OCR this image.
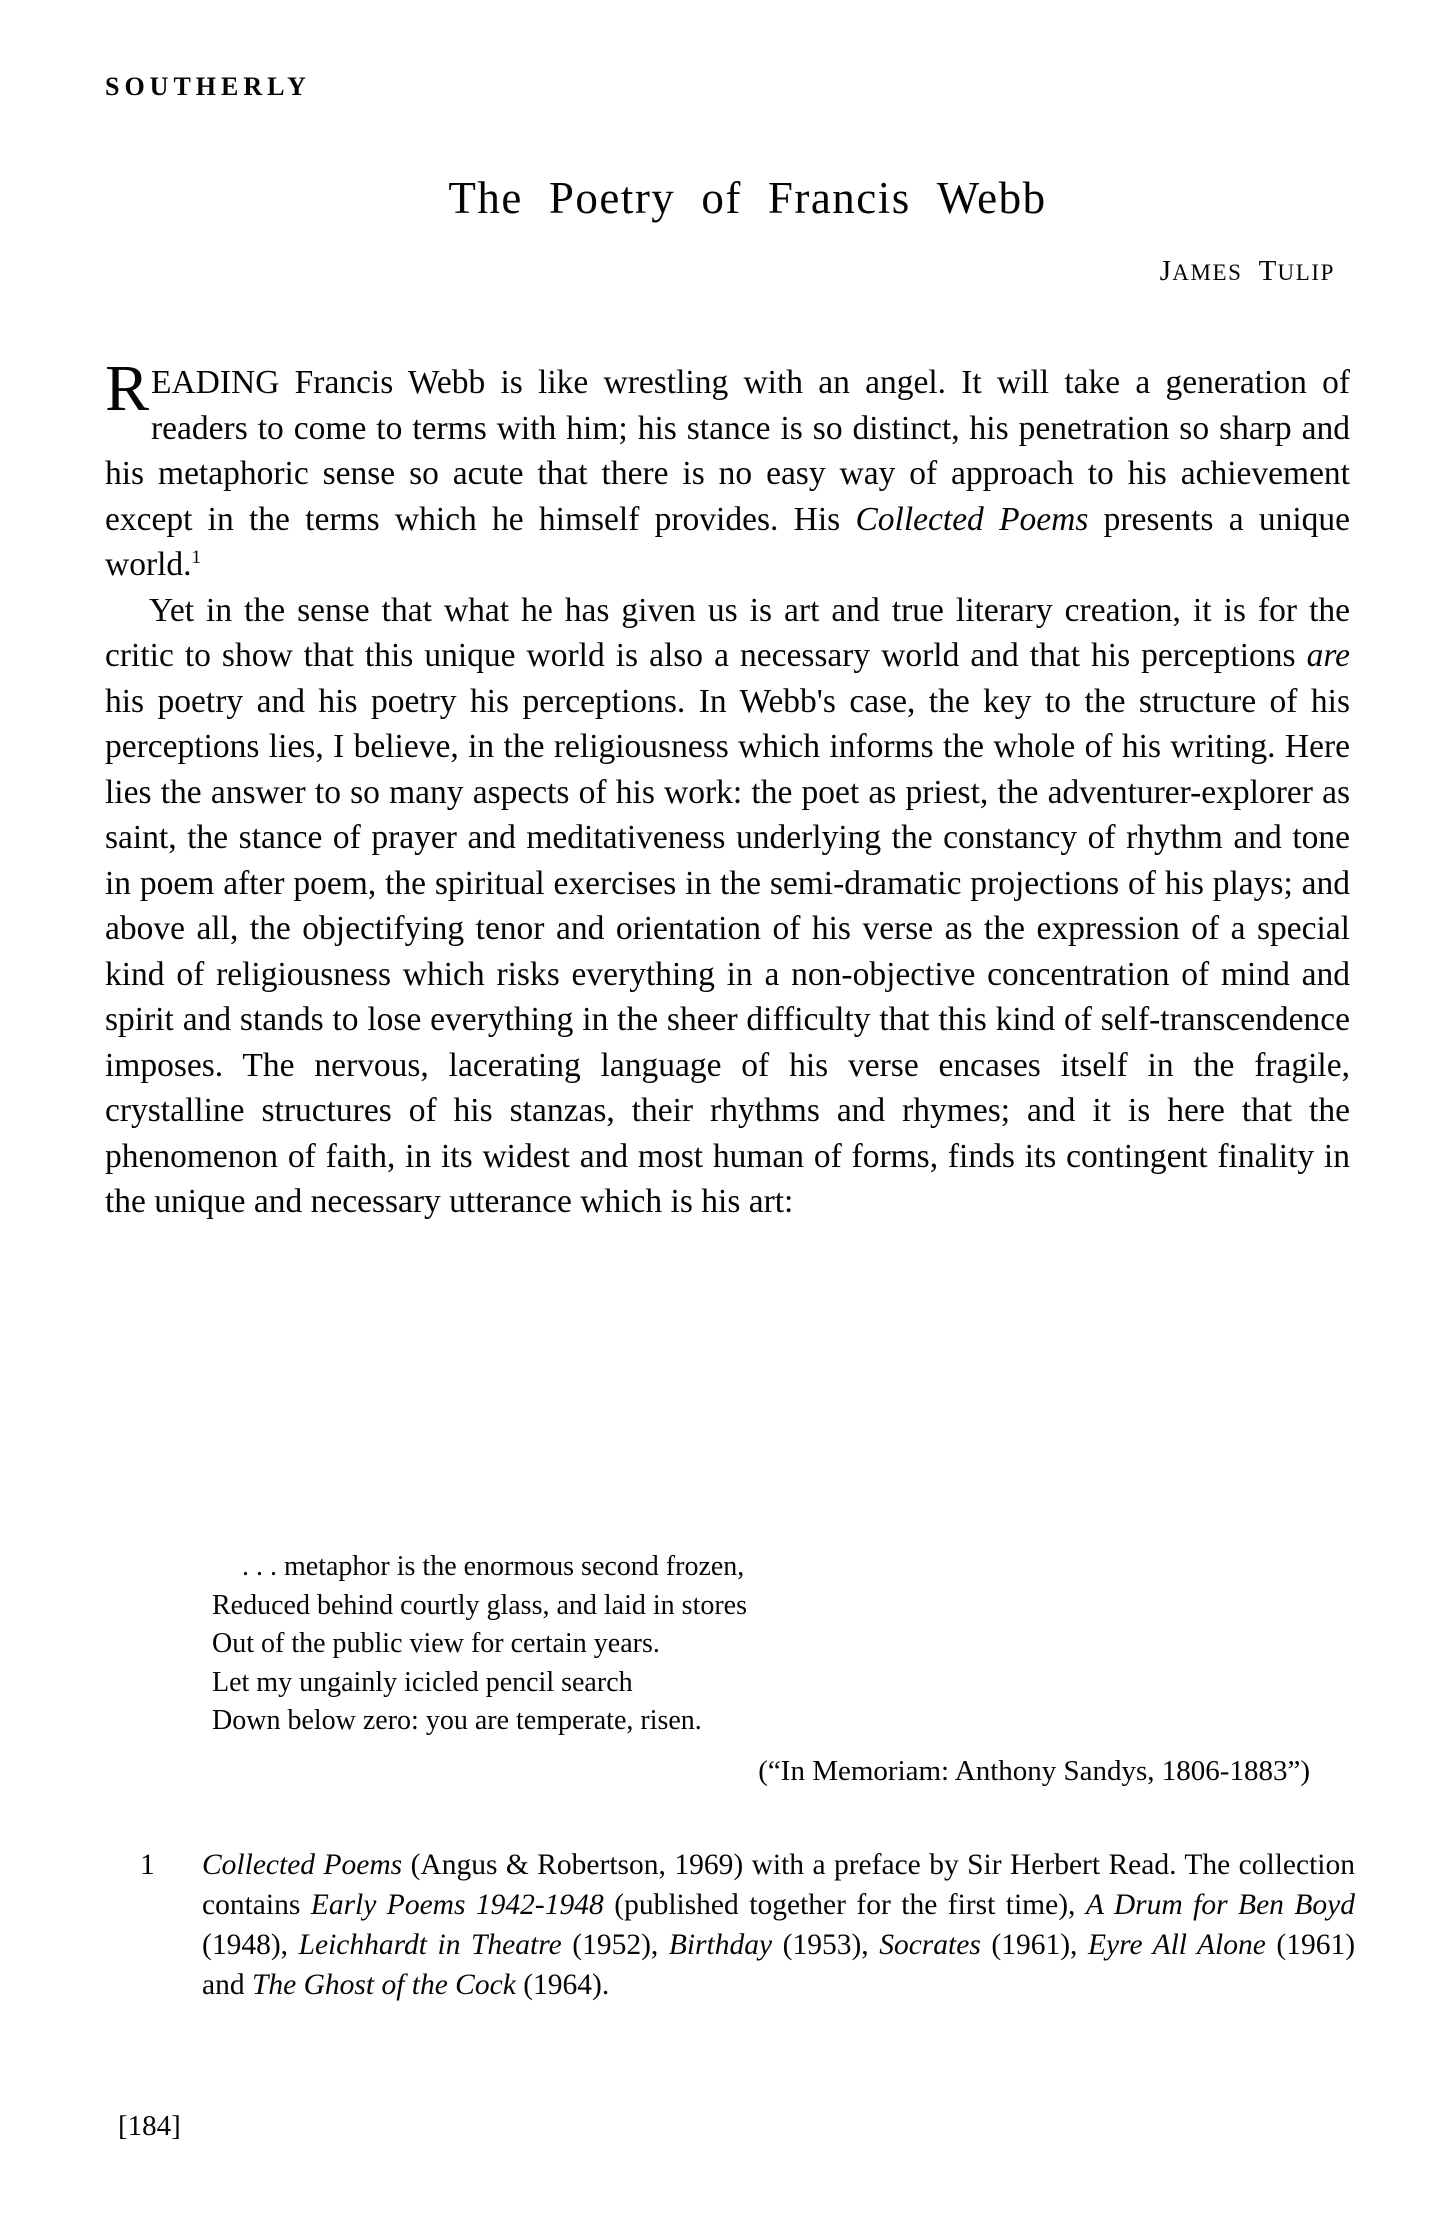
SOUTHERLY
The Poetry of Francis Webb
JAMES TULIP

READING Francis Webb is like wrestling with an angel. It will take a generation of readers to come to terms with him; his stance is so distinct, his penetration so sharp and his metaphoric sense so acute that there is no easy way of approach to his achievement except in the terms which he himself provides. His Collected Poems presents a unique world.$^1$

Yet in the sense that what he has given us is art and true literary creation, it is for the critic to show that this unique world is also a necessary world and that his perceptions are his poetry and his poetry his perceptions. In Webb's case, the key to the structure of his perceptions lies, I believe, in the religiousness which informs the whole of his writing. Here lies the answer to so many aspects of his work: the poet as priest, the adventurer-explorer as saint, the stance of prayer and meditativeness underlying the constancy of rhythm and tone in poem after poem, the spiritual exercises in the semi-dramatic projections of his plays; and above all, the objectifying tenor and orientation of his verse as the expression of a special kind of religiousness which risks everything in a non-objective concentration of mind and spirit and stands to lose everything in the sheer difficulty that this kind of self-transcendence imposes. The nervous, lacerating language of his verse encases itself in the fragile, crystalline structures of his stanzas, their rhythms and rhymes; and it is here that the phenomenon of faith, in its widest and most human of forms, finds its contingent finality in the unique and necessary utterance which is his art:

. . . metaphor is the enormous second frozen,
Reduced behind courtly glass, and laid in stores
Out of the public view for certain years.
Let my ungainly icicled pencil search
Down below zero: you are temperate, risen.
(“In Memoriam: Anthony Sandys, 1806-1883”)
1	Collected Poems (Angus & Robertson, 1969) with a preface by Sir Herbert Read. The collection contains Early Poems 1942-1948 (published together for the first time), A Drum for Ben Boyd (1948), Leichhardt in Theatre (1952), Birthday (1953), Socrates (1961), Eyre All Alone (1961) and The Ghost of the Cock (1964).
[184]
